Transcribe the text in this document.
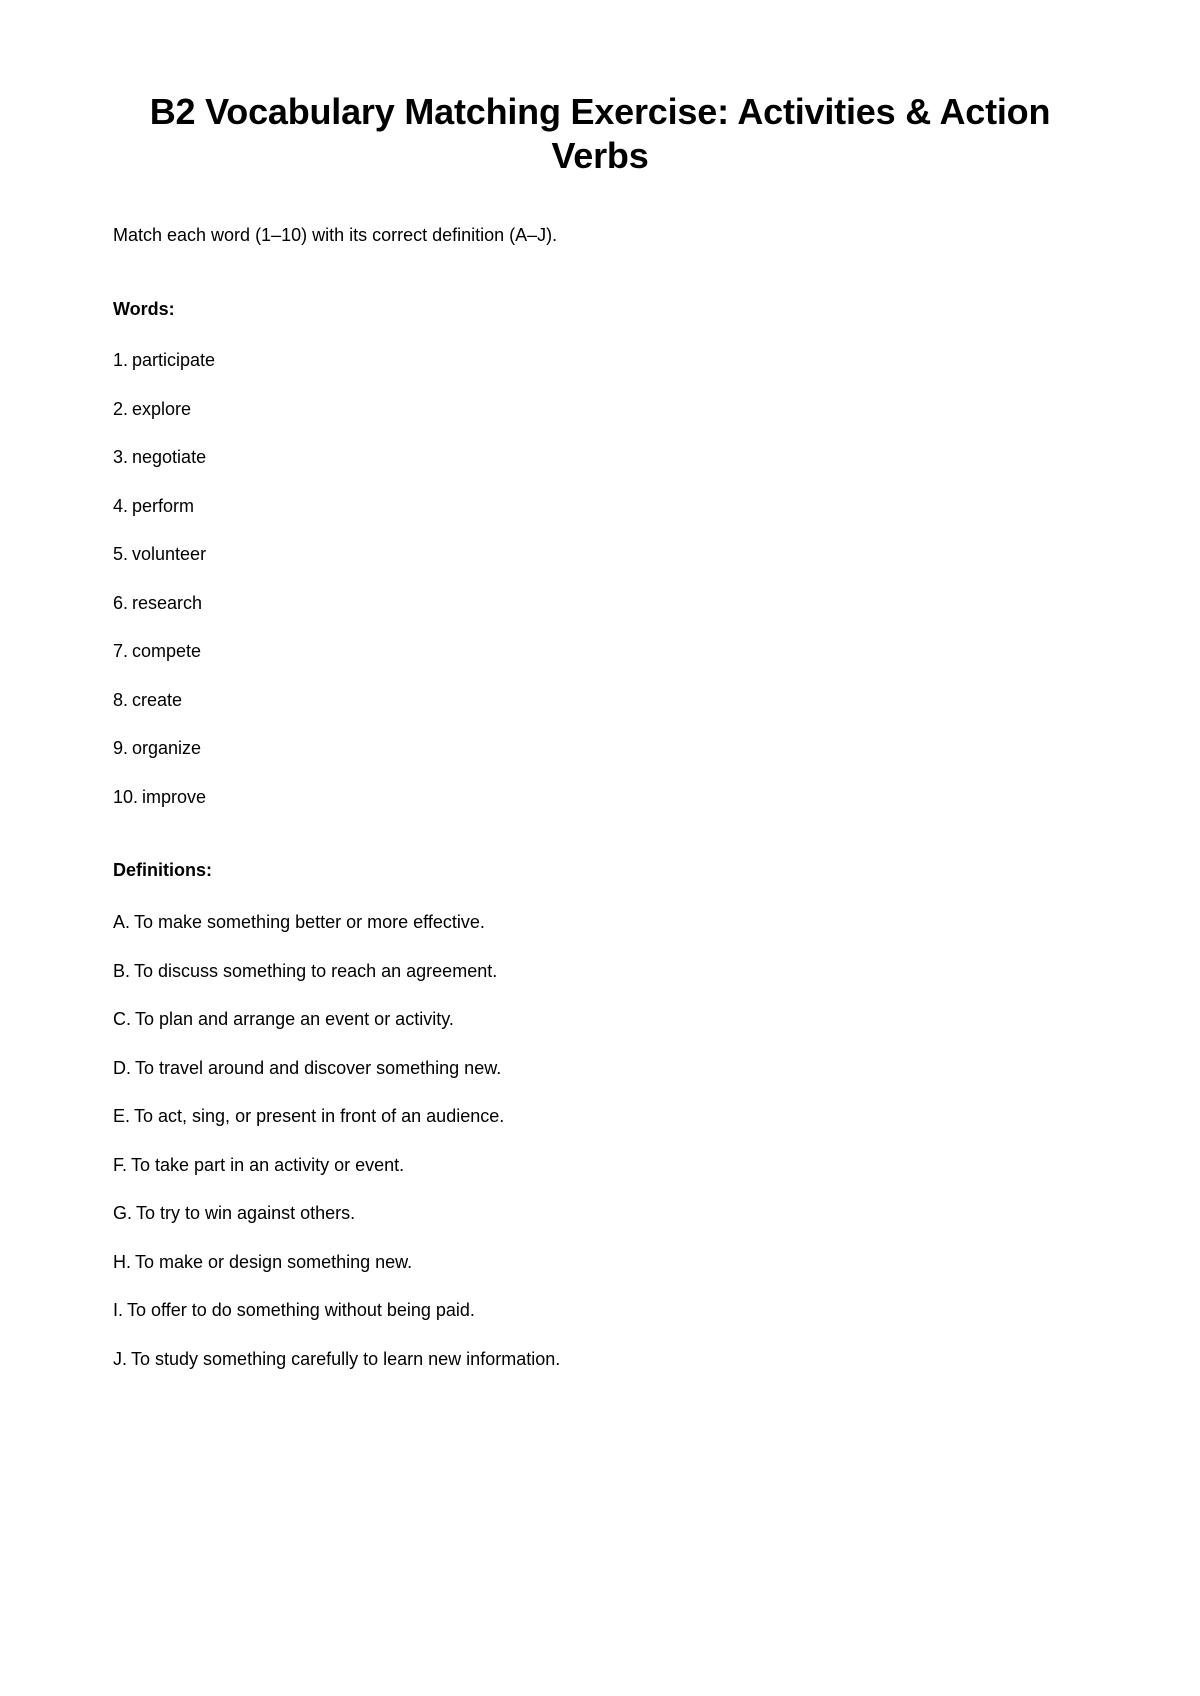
B2 Vocabulary Matching Exercise: Activities & Action Verbs

Match each word (1–10) with its correct definition (A–J).

Words:
1. participate
2. explore
3. negotiate
4. perform
5. volunteer
6. research
7. compete
8. create
9. organize
10. improve
Definitions:
A. To make something better or more effective.
B. To discuss something to reach an agreement.
C. To plan and arrange an event or activity.
D. To travel around and discover something new.
E. To act, sing, or present in front of an audience.
F. To take part in an activity or event.
G. To try to win against others.
H. To make or design something new.
I. To offer to do something without being paid.
J. To study something carefully to learn new information.
